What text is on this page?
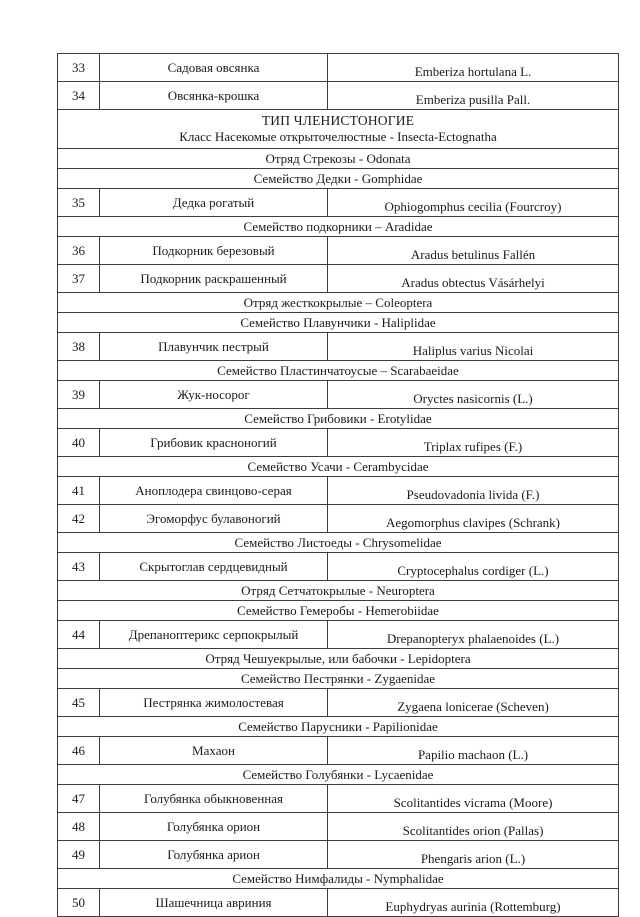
33	Садовая овсянка	Emberiza hortulana L.
34	Овсянка-крошка	Emberiza pusilla Pall.

ТИП ЧЛЕНИСТОНОГИЕ
Класс Насекомые открыточелюстные - Insecta-Ectognatha		

Отряд Стрекозы - Odonata		
Семейство Дедки - Gomphidae		
35	Дедка рогатый	Ophiogomphus cecilia (Fourcroy)
Семейство подкорники – Aradidae		
36	Подкорник березовый	Aradus betulinus Fallén
37	Подкорник раскрашенный	Aradus obtectus Vásárhelyi
Отряд жесткокрылые – Coleoptera		
Семейство Плавунчики - Haliplidae		
38	Плавунчик пестрый	Haliplus varius Nicolai
Семейство Пластинчатоусые – Scarabaeidae		
39	Жук-носорог	Oryctes nasicornis (L.)
Семейство Грибовики - Erotylidae		
40	Грибовик красноногий	Triplax rufipes (F.)
Семейство Усачи - Cerambycidae		
41	Аноплодера свинцово-серая	Pseudovadonia livida (F.)
42	Эгоморфус булавоногий	Aegomorphus clavipes (Schrank)
Семейство Листоеды - Chrysomelidae		
43	Скрытоглав сердцевидный	Cryptocephalus cordiger (L.)
Отряд Сетчатокрылые - Neuroptera		
Семейство Гемеробы - Hemerobiidae		
44	Дрепаноптерикс серпокрылый	Drepanopteryx phalaenoides (L.)
Отряд Чешуекрылые, или бабочки - Lepidoptera		
Семейство Пестрянки - Zygaenidae		
45	Пестрянка жимолостевая	Zygaena lonicerae (Scheven)
Семейство Парусники - Papilionidae		
46	Махаон	Papilio machaon (L.)
Семейство Голубянки - Lycaenidae		
47	Голубянка обыкновенная	Scolitantides vicrama (Moore)
48	Голубянка орион	Scolitantides orion (Pallas)
49	Голубянка арион	Phengaris arion (L.)
Семейство Нимфалиды - Nymphalidae		
50	Шашечница авриния	Euphydryas aurinia (Rottemburg)
